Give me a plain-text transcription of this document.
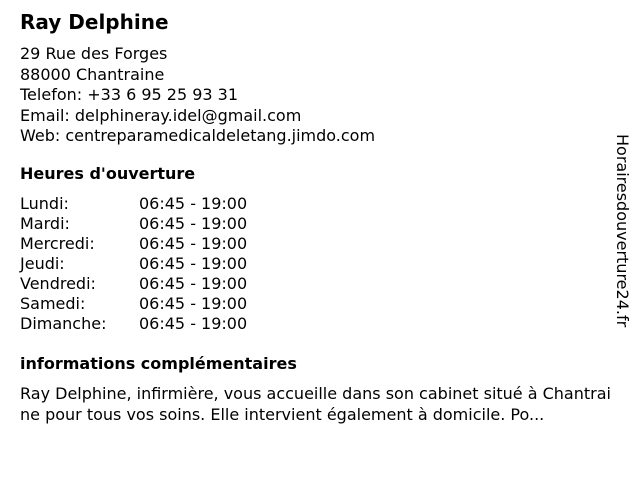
Ray Delphine
29 Rue des Forges
88000 Chantraine
Telefon: +33 6 95 25 93 31
Email: delphineray.idel@gmail.com
Web: centreparamedicaldeletang.jimdo.com
Heures d'ouverture
Lundi:	06:45 - 19:00
Mardi:	06:45 - 19:00
Mercredi:	06:45 - 19:00
Jeudi:	06:45 - 19:00
Vendredi:	06:45 - 19:00
Samedi:	06:45 - 19:00
Dimanche:	06:45 - 19:00
informations complémentaires
Ray Delphine, infirmière, vous accueille dans son cabinet situé à Chantraine pour tous vos soins. Elle intervient également à domicile. Po...
Horairesdouverture24.fr
